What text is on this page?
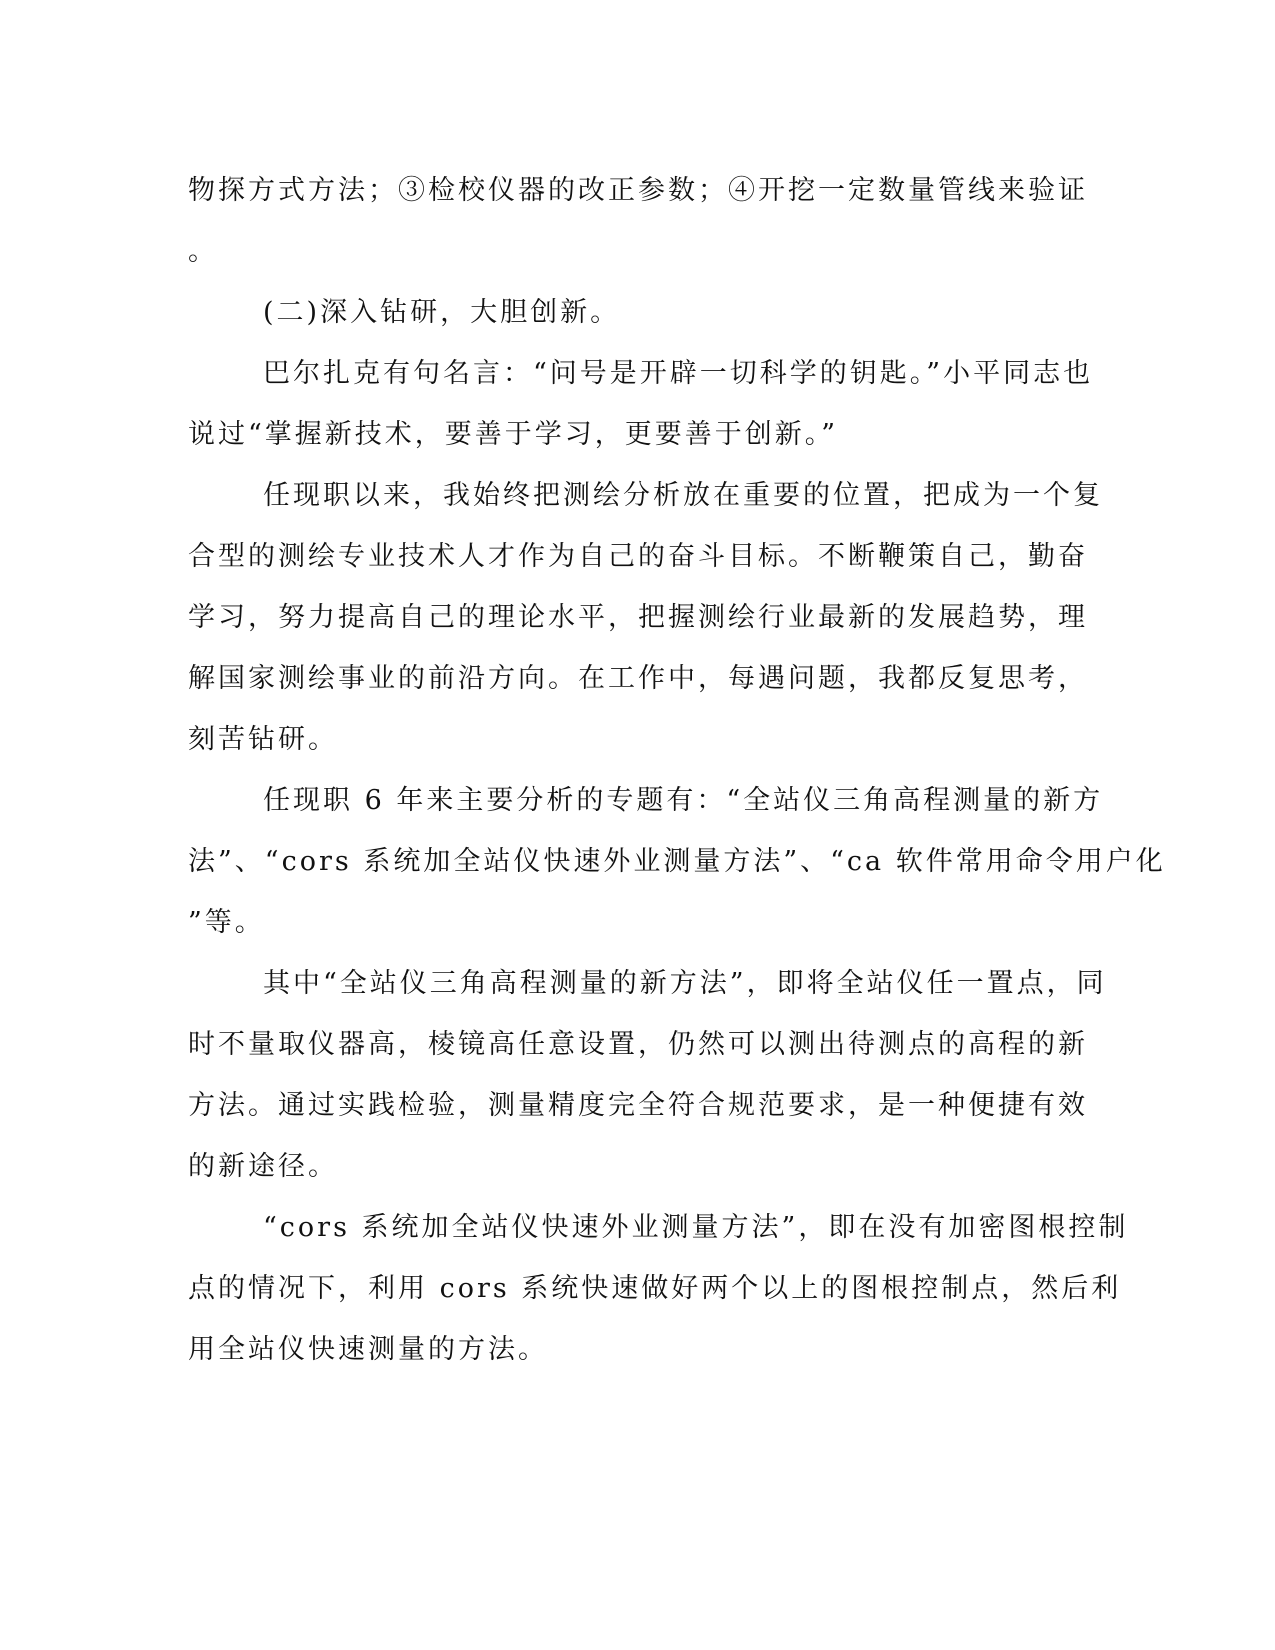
物探方式方法；③检校仪器的改正参数；④开挖一定数量管线来验证
。
(二)深入钻研，大胆创新。
巴尔扎克有句名言：“问号是开辟一切科学的钥匙。”小平同志也
说过“掌握新技术，要善于学习，更要善于创新。”
任现职以来，我始终把测绘分析放在重要的位置，把成为一个复
合型的测绘专业技术人才作为自己的奋斗目标。不断鞭策自己，勤奋
学习，努力提高自己的理论水平，把握测绘行业最新的发展趋势，理
解国家测绘事业的前沿方向。在工作中，每遇问题，我都反复思考，
刻苦钻研。
任现职 6 年来主要分析的专题有：“全站仪三角高程测量的新方
法”、“cors 系统加全站仪快速外业测量方法”、“ca 软件常用命令用户化
”等。
其中“全站仪三角高程测量的新方法”，即将全站仪任一置点，同
时不量取仪器高，棱镜高任意设置，仍然可以测出待测点的高程的新
方法。通过实践检验，测量精度完全符合规范要求，是一种便捷有效
的新途径。
“cors 系统加全站仪快速外业测量方法”，即在没有加密图根控制
点的情况下，利用 cors 系统快速做好两个以上的图根控制点，然后利
用全站仪快速测量的方法。
